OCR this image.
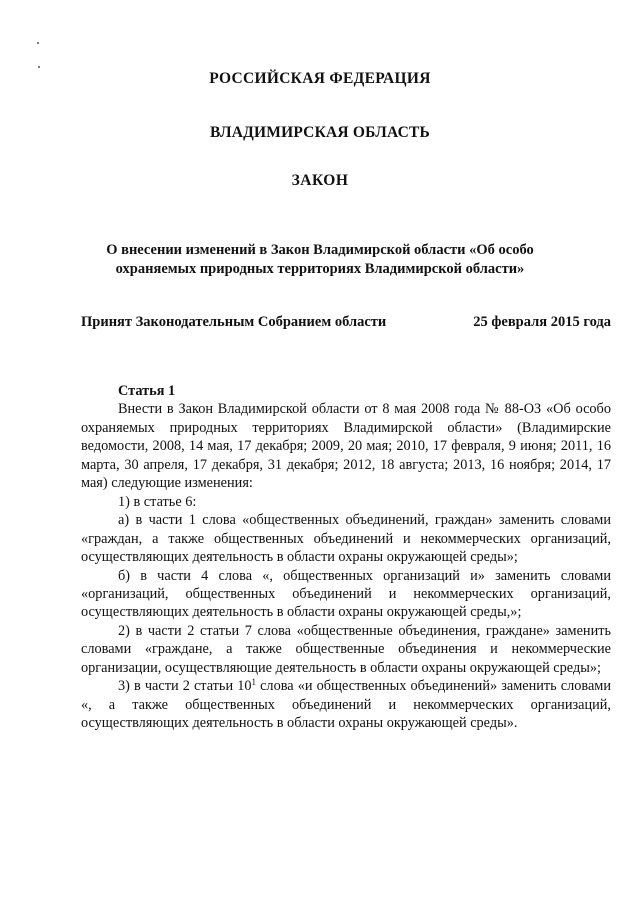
РОССИЙСКАЯ ФЕДЕРАЦИЯ
ВЛАДИМИРСКАЯ ОБЛАСТЬ
ЗАКОН
О внесении изменений в Закон Владимирской области «Об особо
охраняемых природных территориях Владимирской области»
Принят Законодательным Собранием области	25 февраля 2015 года

Статья 1

Внести в Закон Владимирской области от 8 мая 2008 года № 88-ОЗ «Об особо охраняемых природных территориях Владимирской области» (Владимирские ведомости, 2008, 14 мая, 17 декабря; 2009, 20 мая; 2010, 17 февраля, 9 июня; 2011, 16 марта, 30 апреля, 17 декабря, 31 декабря; 2012, 18 августа; 2013, 16 ноября; 2014, 17 мая) следующие изменения:

1) в статье 6:

а) в части 1 слова «общественных объединений, граждан» заменить словами «граждан, а также общественных объединений и некоммерческих организаций, осуществляющих деятельность в области охраны окружающей среды»;

б) в части 4 слова «, общественных организаций и» заменить словами «организаций, общественных объединений и некоммерческих организаций, осуществляющих деятельность в области охраны окружающей среды,»;

2) в части 2 статьи 7 слова «общественные объединения, граждане» заменить словами «граждане, а также общественные объединения и некоммерческие организации, осуществляющие деятельность в области охраны окружающей среды»;

3) в части 2 статьи $10^1$ слова «и общественных объединений» заменить словами «, а также общественных объединений и некоммерческих организаций, осуществляющих деятельность в области охраны окружающей среды».
